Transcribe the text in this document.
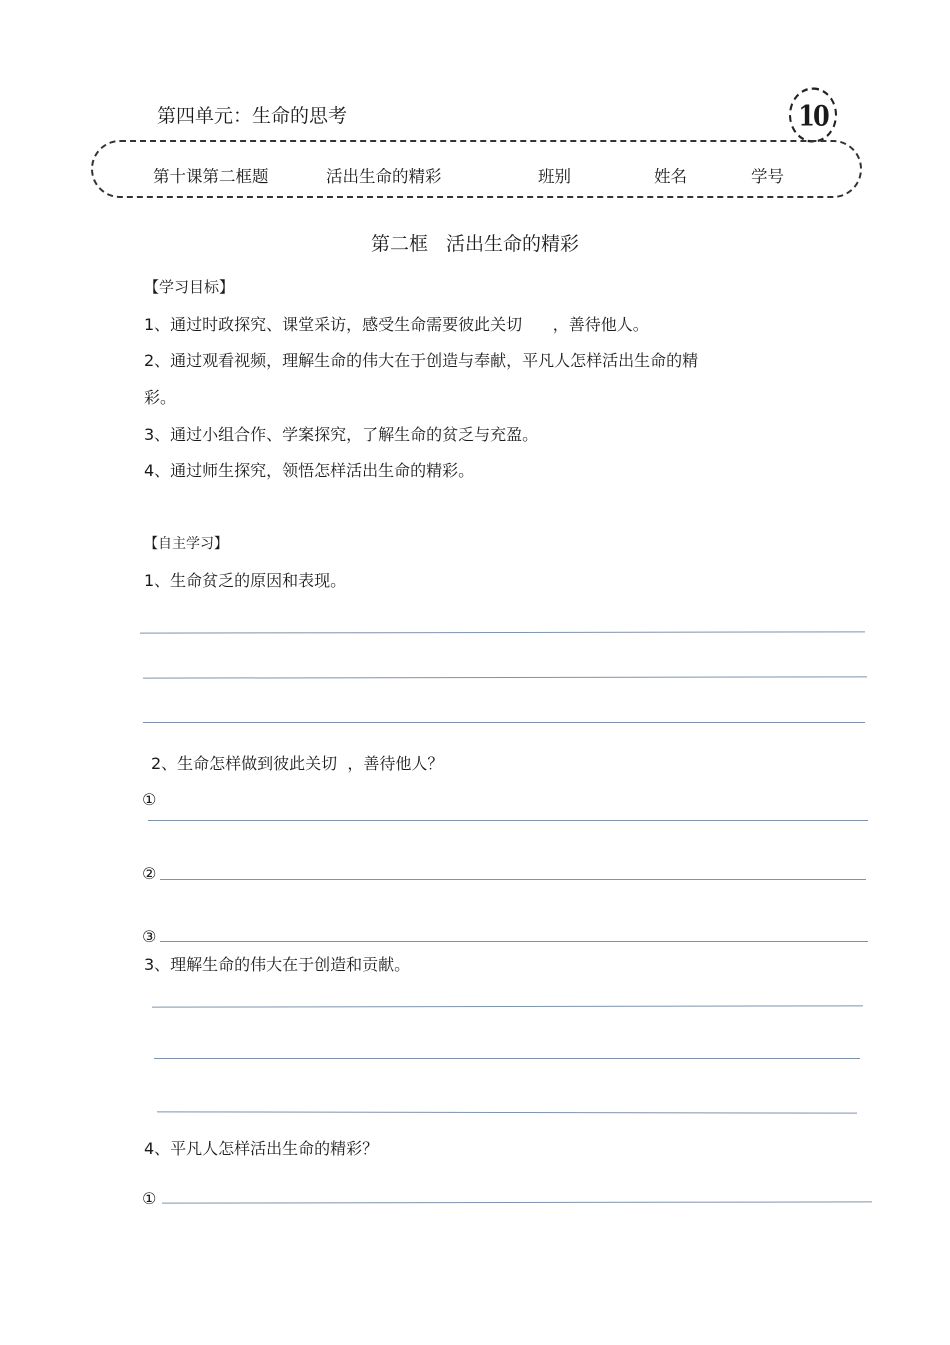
第四单元：生命的思考	10
第十课第二框题	活出生命的精彩	班别	姓名	学号
第二框   活出生命的精彩
【学习目标】
1、通过时政探究、课堂采访，感受生命需要彼此关切      ，善待他人。
2、通过观看视频，理解生命的伟大在于创造与奉献，平凡人怎样活出生命的精
彩。
3、通过小组合作、学案探究，了解生命的贫乏与充盈。
4、通过师生探究，领悟怎样活出生命的精彩。
【自主学习】
1、生命贫乏的原因和表现。
2、生命怎样做到彼此关切  ，善待他人？
①
②
③
3、理解生命的伟大在于创造和贡献。
4、平凡人怎样活出生命的精彩？
①
